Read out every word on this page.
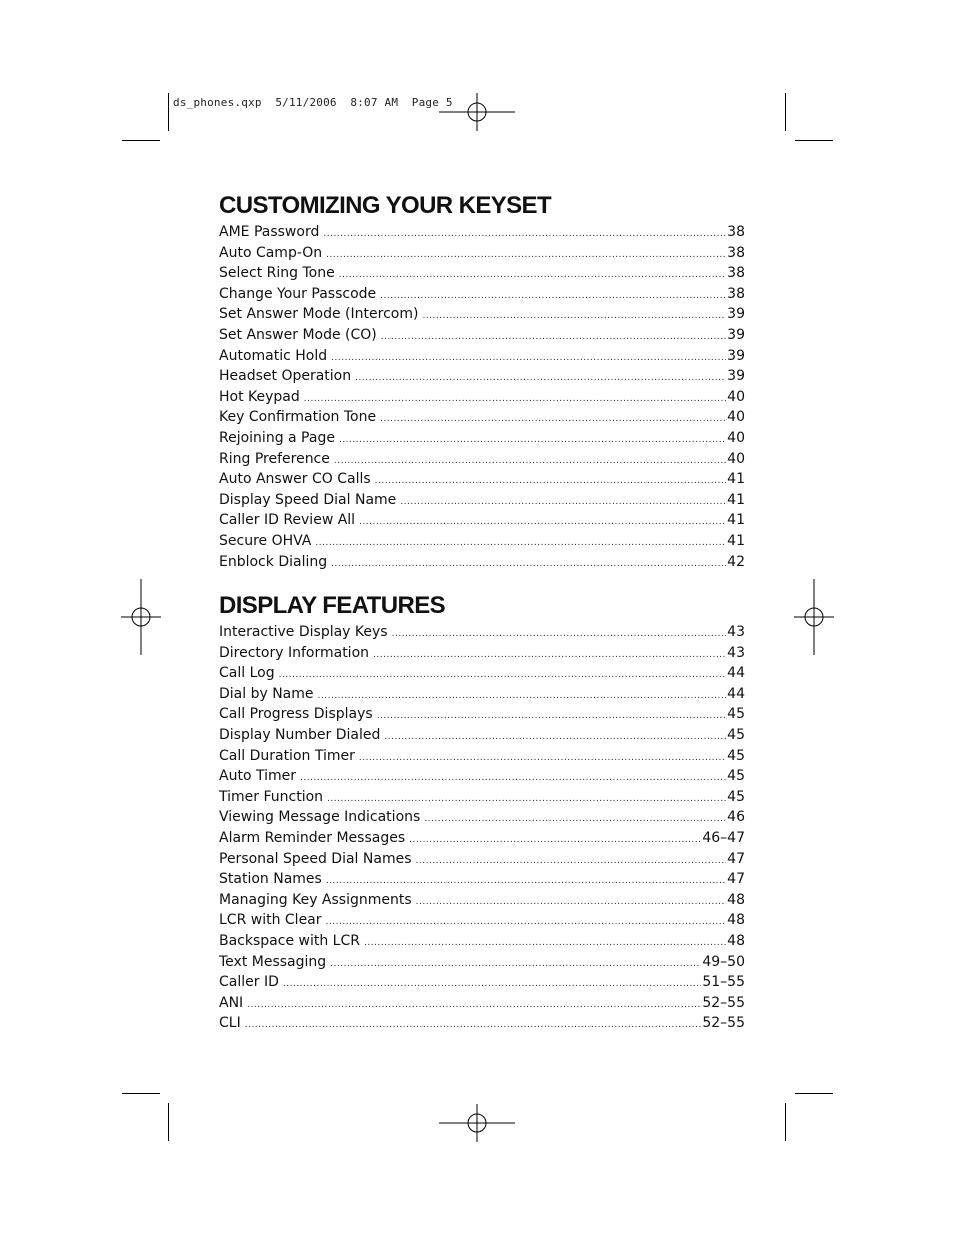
ds_phones.qxp  5/11/2006  8:07 AM  Page 5
CUSTOMIZING YOUR KEYSET
AME Password .....	38
Auto Camp-On .....	38
Select Ring Tone .....	38
Change Your Passcode .....	38
Set Answer Mode (Intercom) .....	39
Set Answer Mode (CO) .....	39
Automatic Hold .....	39
Headset Operation .....	39
Hot Keypad .....	40
Key Confirmation Tone .....	40
Rejoining a Page .....	40
Ring Preference .....	40
Auto Answer CO Calls .....	41
Display Speed Dial Name .....	41
Caller ID Review All .....	41
Secure OHVA .....	41
Enblock Dialing .....	42
DISPLAY FEATURES
Interactive Display Keys .....	43
Directory Information .....	43
Call Log .....	44
Dial by Name .....	44
Call Progress Displays .....	45
Display Number Dialed .....	45
Call Duration Timer .....	45
Auto Timer .....	45
Timer Function .....	45
Viewing Message Indications .....	46
Alarm Reminder Messages .....	46–47
Personal Speed Dial Names .....	47
Station Names .....	47
Managing Key Assignments .....	48
LCR with Clear .....	48
Backspace with LCR .....	48
Text Messaging .....	49–50
Caller ID .....	51–55
ANI .....	52–55
CLI .....	52–55
